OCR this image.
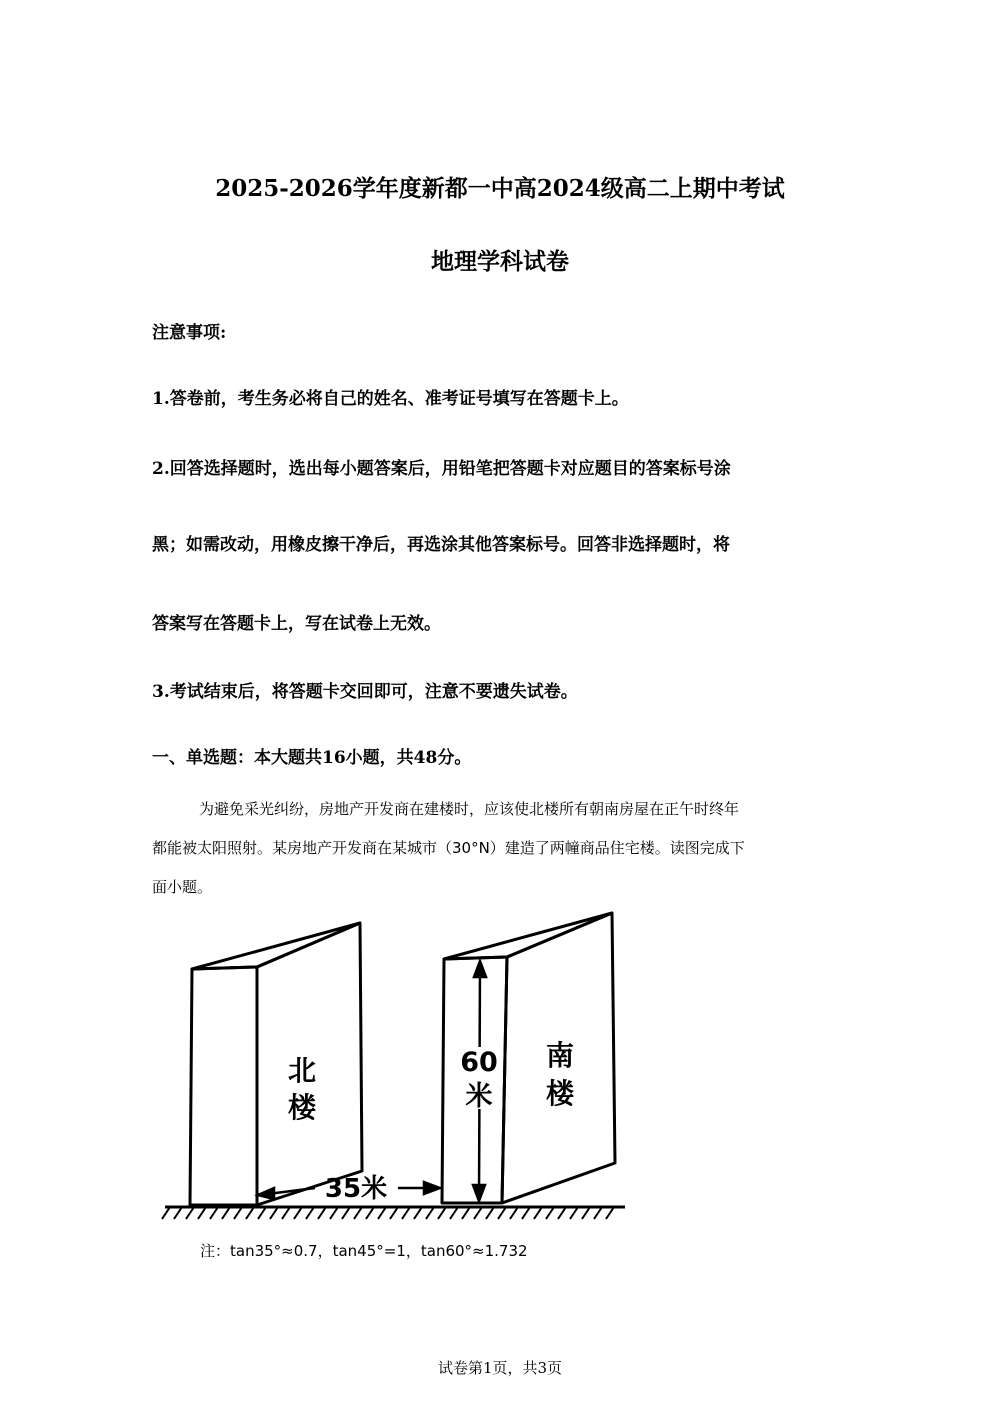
2025-2026学年度新都一中高2024级高二上期中考试
地理学科试卷
注意事项:
1.答卷前，考生务必将自己的姓名、准考证号填写在答题卡上。
2.回答选择题时，选出每小题答案后，用铅笔把答题卡对应题目的答案标号涂
黑；如需改动，用橡皮擦干净后，再选涂其他答案标号。回答非选择题时，将
答案写在答题卡上，写在试卷上无效。
3.考试结束后，将答题卡交回即可，注意不要遗失试卷。
一、单选题：本大题共16小题，共48分。
为避免采光纠纷，房地产开发商在建楼时，应该使北楼所有朝南房屋在正午时终年
都能被太阳照射。某房地产开发商在某城市（30°N）建造了两幢商品住宅楼。读图完成下
面小题。
北
楼
南
楼
60
米
35米
注：tan35°≈0.7，tan45°=1，tan60°≈1.732
试卷第1页，共3页
